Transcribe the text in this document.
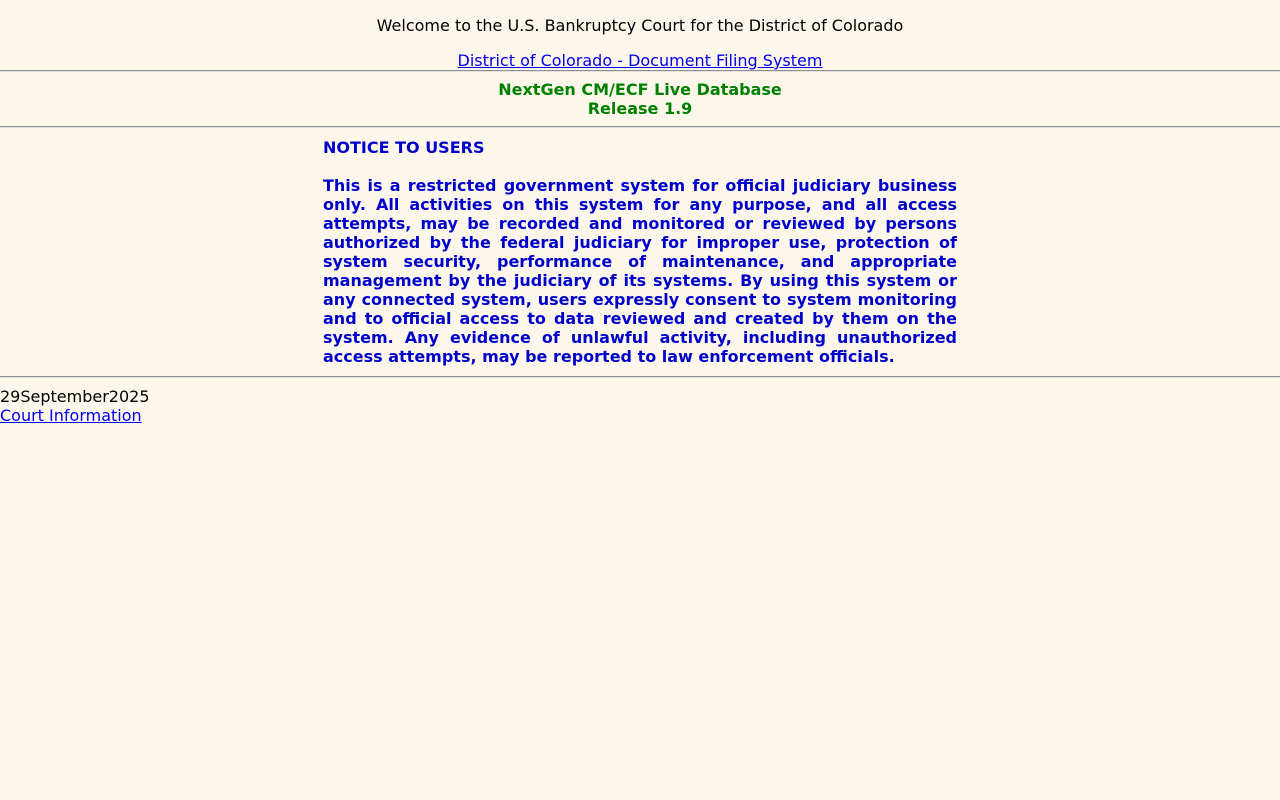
Welcome to the U.S. Bankruptcy Court for the District of Colorado
District of Colorado - Document Filing System
NextGen CM/ECF Live Database
Release 1.9

NOTICE TO USERS

This is a restricted government system for official judiciary business only. All activities on this system for any purpose, and all access attempts, may be recorded and monitored or reviewed by persons authorized by the federal judiciary for improper use, protection of system security, performance of maintenance, and appropriate management by the judiciary of its systems. By using this system or any connected system, users expressly consent to system monitoring and to official access to data reviewed and created by them on the system. Any evidence of unlawful activity, including unauthorized access attempts, may be reported to law enforcement officials.

29September2025
Court Information
